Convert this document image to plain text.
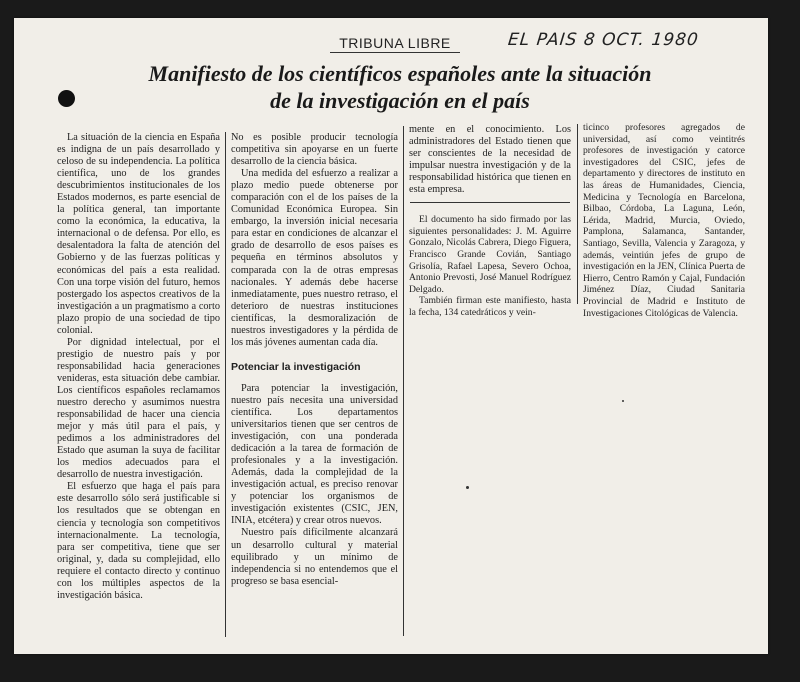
TRIBUNA LIBRE	EL PAIS 8 OCT. 1980
Manifiesto de los científicos españoles ante la situación
de la investigación en el país

La situación de la ciencia en España es indigna de un país desarrollado y celoso de su independencia. La política científica, uno de los grandes descubrimientos institucionales de los Estados modernos, es parte esencial de la política general, tan importante como la económica, la educativa, la internacional o de defensa. Por ello, es desalentadora la falta de atención del Gobierno y de las fuerzas políticas y económicas del país a esta realidad. Con una torpe visión del futuro, hemos postergado los aspectos creativos de la investigación a un pragmatismo a corto plazo propio de una sociedad de tipo colonial.

Por dignidad intelectual, por el prestigio de nuestro país y por responsabilidad hacia generaciones venideras, esta situación debe cambiar. Los científicos españoles reclamamos nuestro derecho y asumimos nuestra responsabilidad de hacer una ciencia mejor y más útil para el país, y pedimos a los administradores del Estado que asuman la suya de facilitar los medios adecuados para el desarrollo de nuestra investigación.

El esfuerzo que haga el país para este desarrollo sólo será justificable si los resultados que se obtengan en ciencia y tecnología son competitivos internacionalmente. La tecnología, para ser competitiva, tiene que ser original, y, dada su complejidad, ello requiere el contacto directo y continuo con los múltiples aspectos de la investigación básica.

No es posible producir tecnología competitiva sin apoyarse en un fuerte desarrollo de la ciencia básica.

Una medida del esfuerzo a realizar a plazo medio puede obtenerse por comparación con el de los países de la Comunidad Económica Europea. Sin embargo, la inversión inicial necesaria para estar en condiciones de alcanzar el grado de desarrollo de esos países es pequeña en términos absolutos y comparada con la de otras empresas nacionales. Y además debe hacerse inmediatamente, pues nuestro retraso, el deterioro de nuestras instituciones científicas, la desmoralización de nuestros investigadores y la pérdida de los más jóvenes aumentan cada día.

Potenciar la investigación

Para potenciar la investigación, nuestro país necesita una universidad científica. Los departamentos universitarios tienen que ser centros de investigación, con una ponderada dedicación a la tarea de formación de profesionales y a la investigación. Además, dada la complejidad de la investigación actual, es preciso renovar y potenciar los organismos de investigación existentes (CSIC, JEN, INIA, etcétera) y crear otros nuevos.

Nuestro país difícilmente alcanzará un desarrollo cultural y material equilibrado y un mínimo de independencia si no entendemos que el progreso se basa esencial-

mente en el conocimiento. Los administradores del Estado tienen que ser conscientes de la necesidad de impulsar nuestra investigación y de la responsabilidad histórica que tienen en esta empresa.

El documento ha sido firmado por las siguientes personalidades: J. M. Aguirre Gonzalo, Nicolás Cabrera, Diego Figuera, Francisco Grande Covián, Santiago Grisolía, Rafael Lapesa, Severo Ochoa, Antonio Prevosti, José Manuel Rodríguez Delgado.

También firman este manifiesto, hasta la fecha, 134 catedráticos y vein-

ticinco profesores agregados de universidad, así como veintitrés profesores de investigación y catorce investigadores del CSIC, jefes de departamento y directores de instituto en las áreas de Humanidades, Ciencia, Medicina y Tecnología en Barcelona, Bilbao, Córdoba, La Laguna, León, Lérida, Madrid, Murcia, Oviedo, Pamplona, Salamanca, Santander, Santiago, Sevilla, Valencia y Zaragoza, y además, veintiún jefes de grupo de investigación en la JEN, Clínica Puerta de Hierro, Centro Ramón y Cajal, Fundación Jiménez Díaz, Ciudad Sanitaria Provincial de Madrid e Instituto de Investigaciones Citológicas de Valencia.
